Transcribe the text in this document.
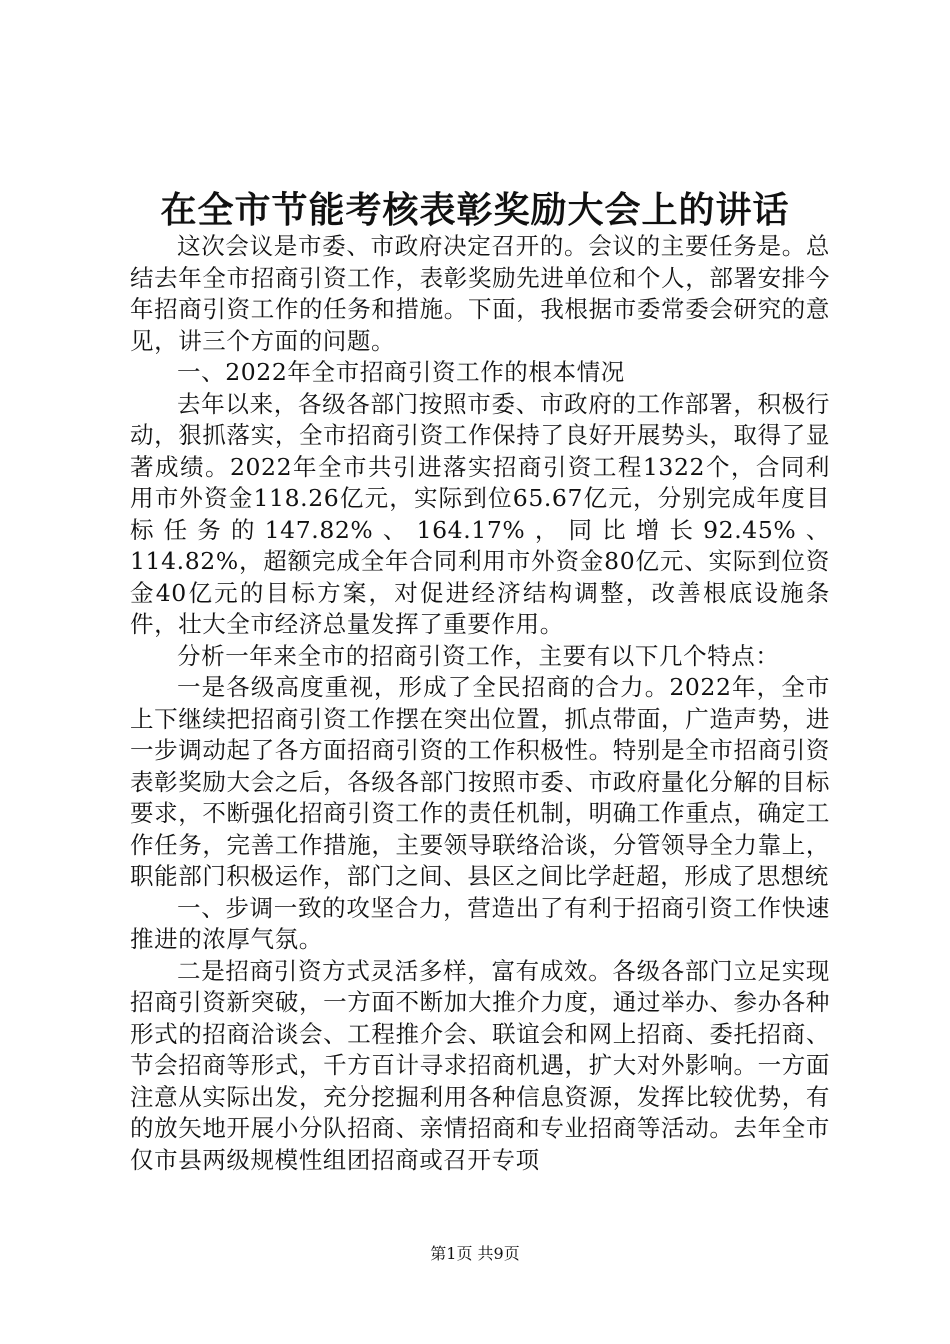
在全市节能考核表彰奖励大会上的讲话

这次会议是市委、市政府决定召开的。会议的主要任务是。总结去年全市招商引资工作，表彰奖励先进单位和个人，部署安排今年招商引资工作的任务和措施。下面，我根据市委常委会研究的意见，讲三个方面的问题。

一、2022年全市招商引资工作的根本情况

去年以来，各级各部门按照市委、市政府的工作部署，积极行动，狠抓落实，全市招商引资工作保持了良好开展势头，取得了显著成绩。2022年全市共引进落实招商引资工程1322个，合同利用市外资金118.26亿元，实际到位65.67亿元，分别完成年度目标任务的147.82%、164.17%，同比增长92.45%、114.82%，超额完成全年合同利用市外资金80亿元、实际到位资金40亿元的目标方案，对促进经济结构调整，改善根底设施条件，壮大全市经济总量发挥了重要作用。

分析一年来全市的招商引资工作，主要有以下几个特点：

一是各级高度重视，形成了全民招商的合力。2022年，全市上下继续把招商引资工作摆在突出位置，抓点带面，广造声势，进一步调动起了各方面招商引资的工作积极性。特别是全市招商引资表彰奖励大会之后，各级各部门按照市委、市政府量化分解的目标要求，不断强化招商引资工作的责任机制，明确工作重点，确定工作任务，完善工作措施，主要领导联络洽谈，分管领导全力靠上，职能部门积极运作，部门之间、县区之间比学赶超，形成了思想统

一、步调一致的攻坚合力，营造出了有利于招商引资工作快速推进的浓厚气氛。

二是招商引资方式灵活多样，富有成效。各级各部门立足实现招商引资新突破，一方面不断加大推介力度，通过举办、参办各种形式的招商洽谈会、工程推介会、联谊会和网上招商、委托招商、节会招商等形式，千方百计寻求招商机遇，扩大对外影响。一方面注意从实际出发，充分挖掘利用各种信息资源，发挥比较优势，有的放矢地开展小分队招商、亲情招商和专业招商等活动。去年全市仅市县两级规模性组团招商或召开专项

第1页 共9页
